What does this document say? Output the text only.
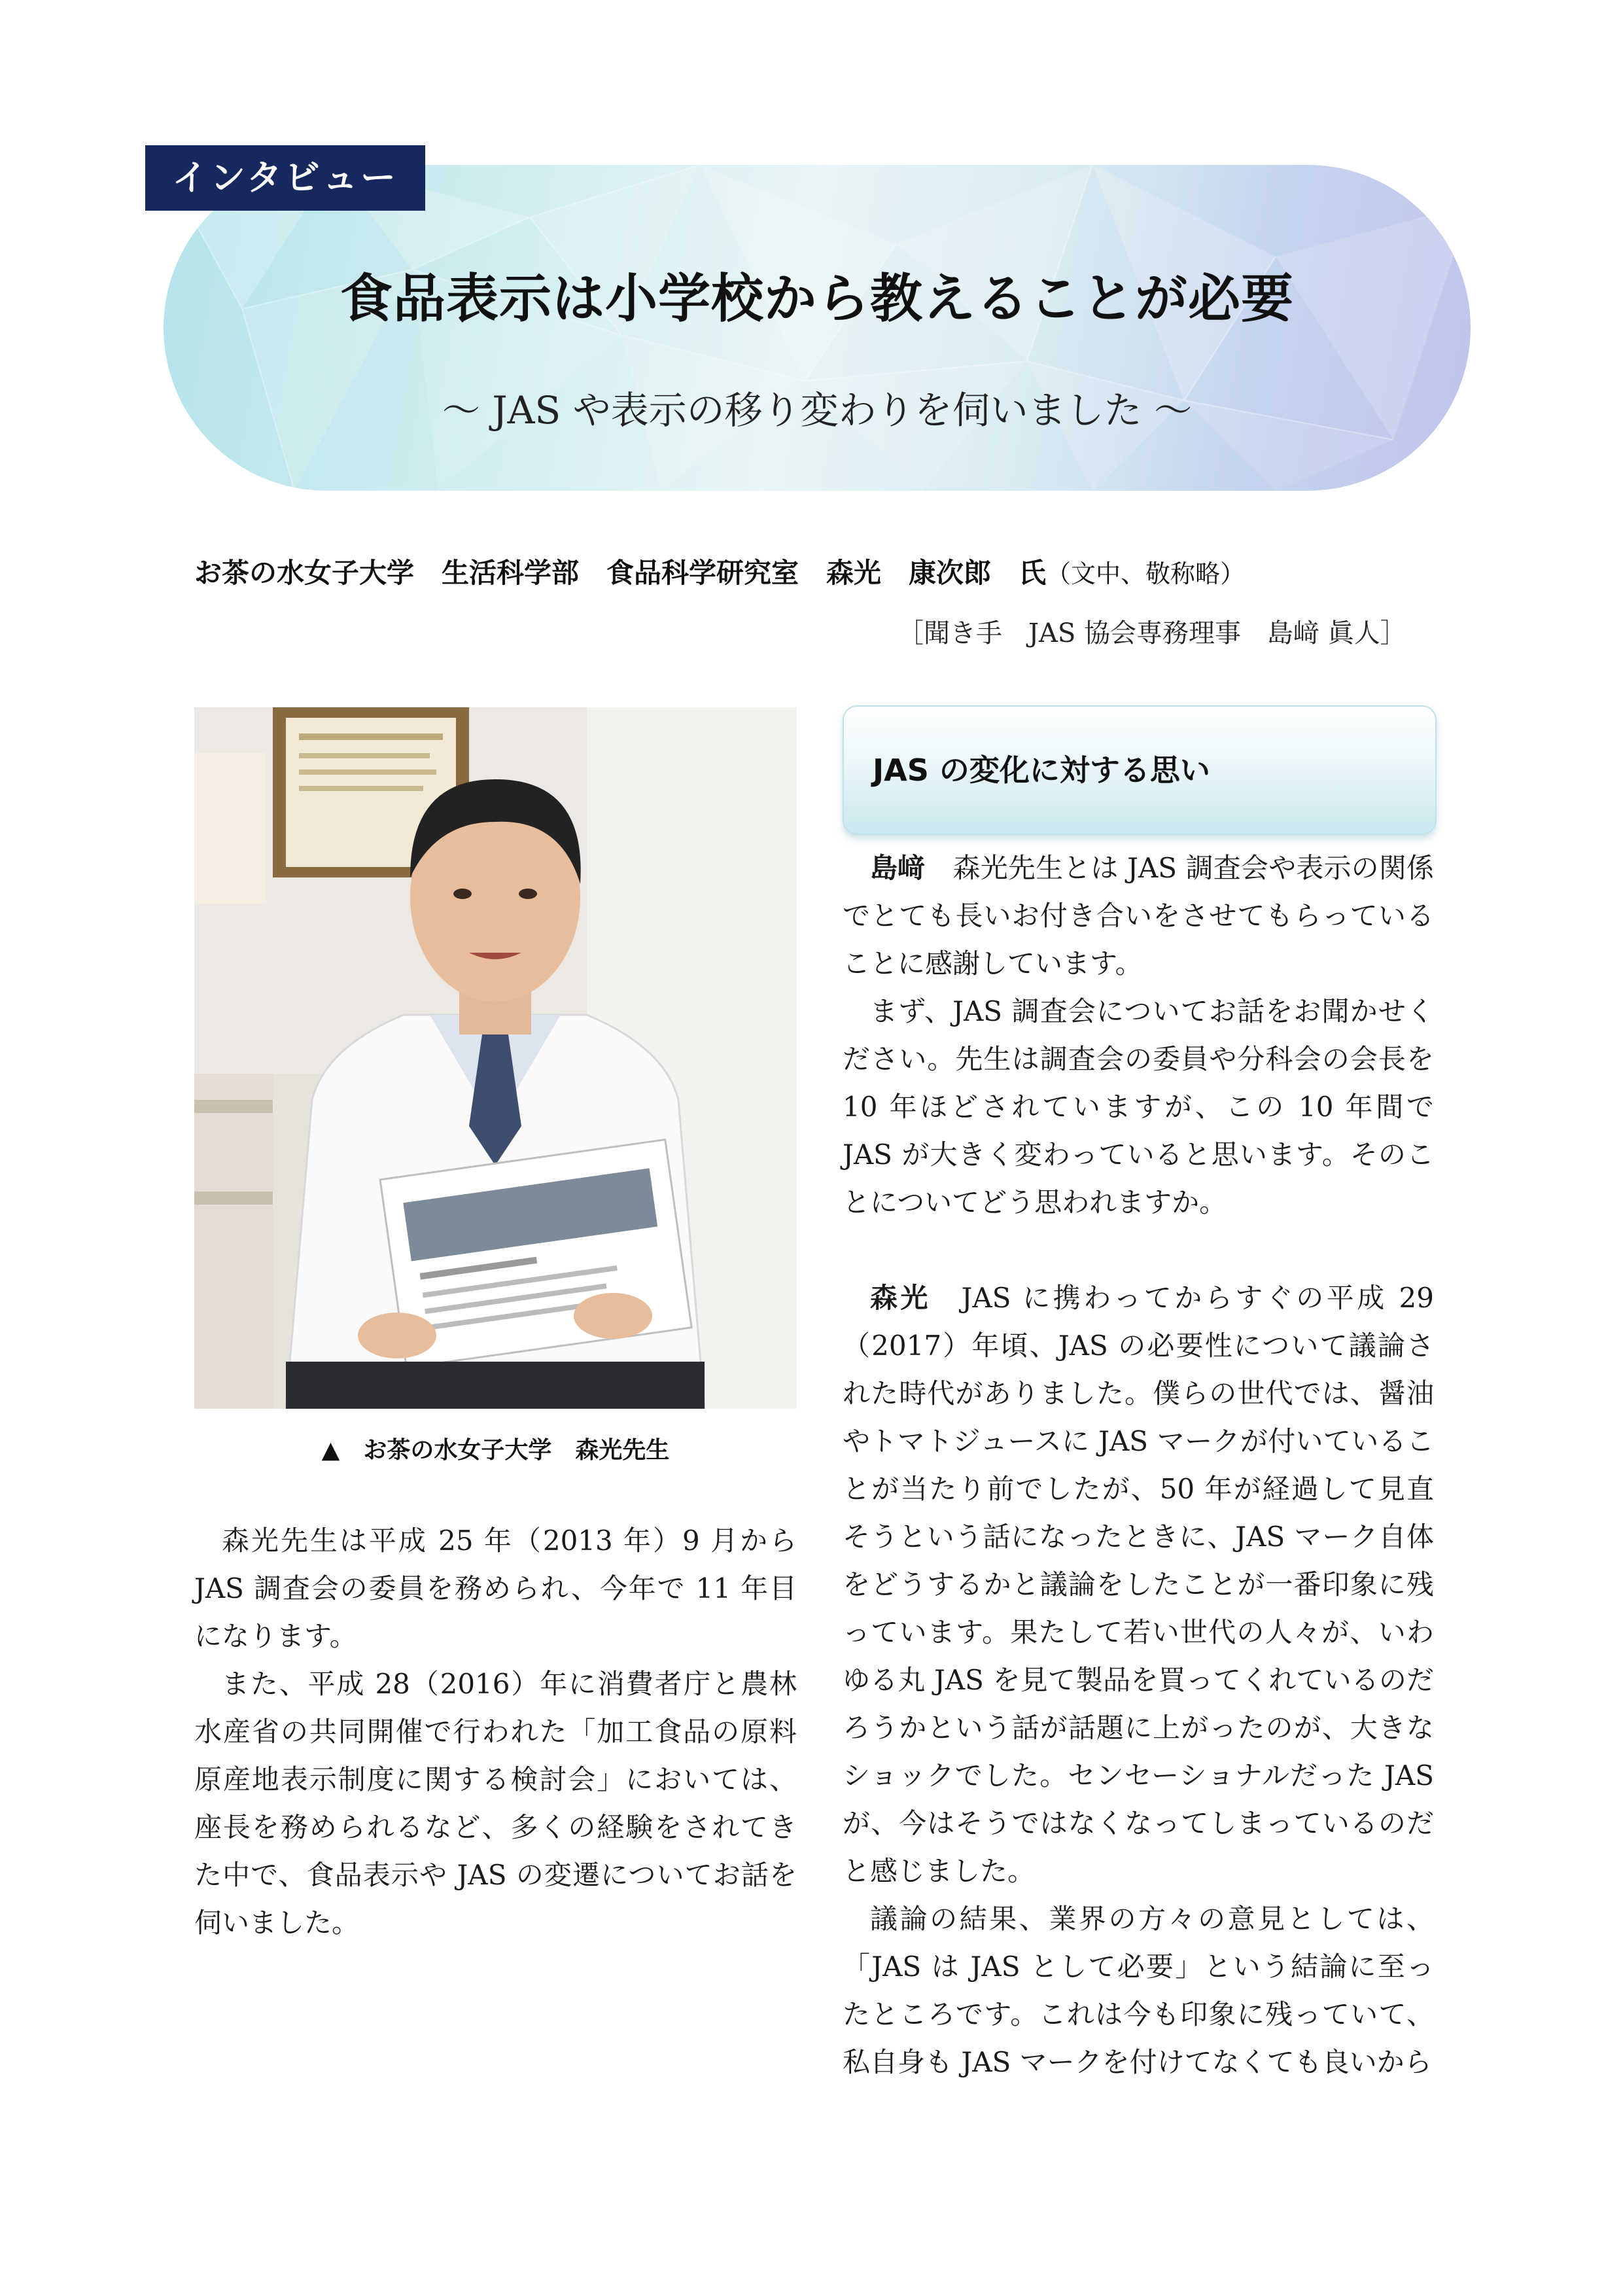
インタビュー
食品表示は小学校から教えることが必要
～ JAS や表示の移り変わりを伺いました ～
お茶の水女子大学　生活科学部　食品科学研究室　森光　康次郎　氏（文中、敬称略）
［聞き手　JAS 協会専務理事　島﨑 眞人］
▲　お茶の水女子大学　森光先生

森光先生は平成 25 年（2013 年）9 月から JAS 調査会の委員を務められ、今年で 11 年目になります。

また、平成 28（2016）年に消費者庁と農林水産省の共同開催で行われた「加工食品の原料原産地表示制度に関する検討会」においては、座長を務められるなど、多くの経験をされてきた中で、食品表示や JAS の変遷についてお話を伺いました。

JAS の変化に対する思い

島﨑　 森光先生とは JAS 調査会や表示の関係でとても長いお付き合いをさせてもらっていることに感謝しています。

まず、JAS 調査会についてお話をお聞かせください。先生は調査会の委員や分科会の会長を 10 年ほどされていますが、この 10 年間で JAS が大きく変わっていると思います。そのことについてどう思われますか。

森光　 JAS に携わってからすぐの平成 29（2017）年頃、JAS の必要性について議論された時代がありました。僕らの世代では、醤油やトマトジュースに JAS マークが付いていることが当たり前でしたが、50 年が経過して見直そうという話になったときに、JAS マーク自体をどうするかと議論をしたことが一番印象に残っています。果たして若い世代の人々が、いわゆる丸 JAS を見て製品を買ってくれているのだろうかという話が話題に上がったのが、大きなショックでした。センセーショナルだった JAS が、今はそうではなくなってしまっているのだと感じました。

議論の結果、業界の方々の意見としては、「JAS は JAS として必要」という結論に至ったところです。これは今も印象に残っていて、私自身も JAS マークを付けてなくても良いから
